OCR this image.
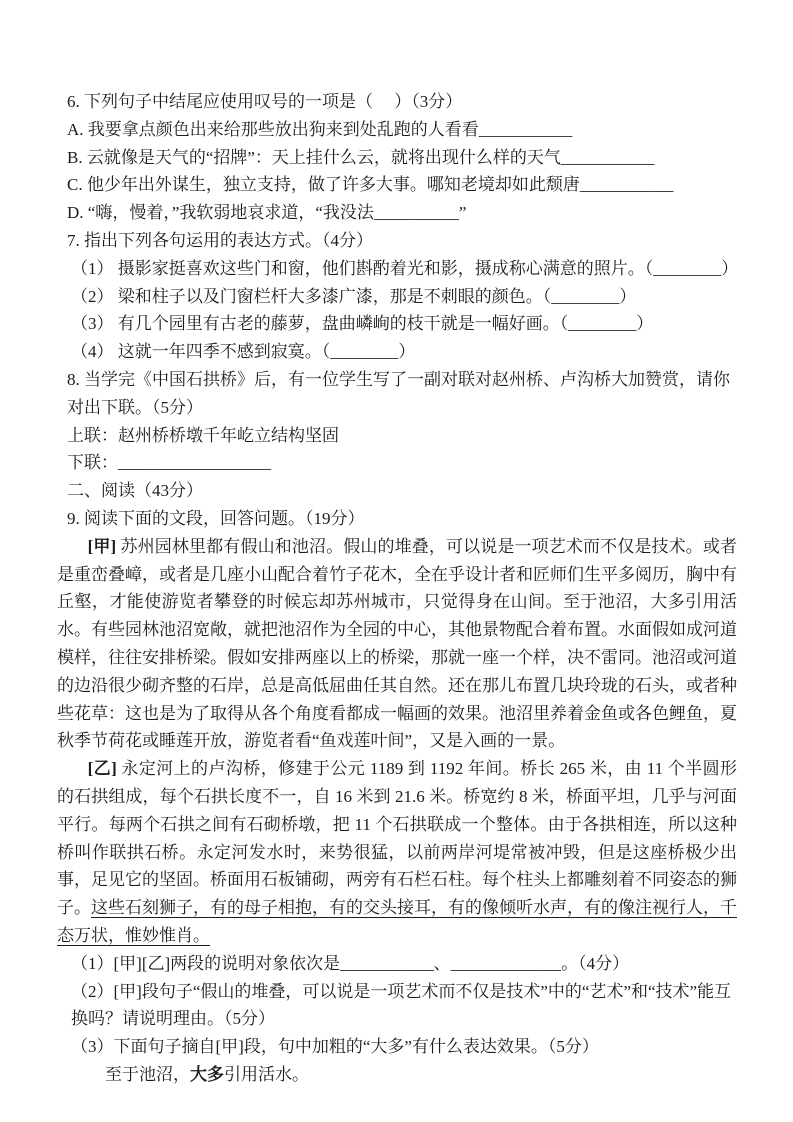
6. 下列句子中结尾应使用叹号的一项是（　 ）（3分）

A. 我要拿点颜色出来给那些放出狗来到处乱跑的人看看___________

B. 云就像是天气的“招牌”：天上挂什么云，就将出现什么样的天气___________

C. 他少年出外谋生，独立支持，做了许多大事。哪知老境却如此颓唐___________

D. “嗨，慢着，”我软弱地哀求道，“我没法__________”

7. 指出下列各句运用的表达方式。（4分）

（1） 摄影家挺喜欢这些门和窗，他们斟酌着光和影，摄成称心满意的照片。（________）

（2） 梁和柱子以及门窗栏杆大多漆广漆，那是不刺眼的颜色。（________）

（3） 有几个园里有古老的藤萝，盘曲嶙峋的枝干就是一幅好画。（________）

（4） 这就一年四季不感到寂寞。（________）

8. 当学完《中国石拱桥》后，有一位学生写了一副对联对赵州桥、卢沟桥大加赞赏，请你对出下联。（5分）

上联：赵州桥桥墩千年屹立结构坚固

下联：__________________

二、阅读（43分）

9. 阅读下面的文段，回答问题。（19分）

[甲] 苏州园林里都有假山和池沼。假山的堆叠，可以说是一项艺术而不仅是技术。或者是重峦叠嶂，或者是几座小山配合着竹子花木，全在乎设计者和匠师们生平多阅历，胸中有丘壑，才能使游览者攀登的时候忘却苏州城市，只觉得身在山间。至于池沼，大多引用活水。有些园林池沼宽敞，就把池沼作为全园的中心，其他景物配合着布置。水面假如成河道模样，往往安排桥梁。假如安排两座以上的桥梁，那就一座一个样，决不雷同。池沼或河道的边沿很少砌齐整的石岸，总是高低屈曲任其自然。还在那儿布置几块玲珑的石头，或者种些花草：这也是为了取得从各个角度看都成一幅画的效果。池沼里养着金鱼或各色鲤鱼，夏秋季节荷花或睡莲开放，游览者看“鱼戏莲叶间”，又是入画的一景。

[乙] 永定河上的卢沟桥，修建于公元 1189 到 1192 年间。桥长 265 米，由 11 个半圆形的石拱组成，每个石拱长度不一，自 16 米到 21.6 米。桥宽约 8 米，桥面平坦，几乎与河面平行。每两个石拱之间有石砌桥墩，把 11 个石拱联成一个整体。由于各拱相连，所以这种桥叫作联拱石桥。永定河发水时，来势很猛，以前两岸河堤常被冲毁，但是这座桥极少出事，足见它的坚固。桥面用石板铺砌，两旁有石栏石柱。每个柱头上都雕刻着不同姿态的狮子。这些石刻狮子，有的母子相抱，有的交头接耳，有的像倾听水声，有的像注视行人，千态万状，惟妙惟肖。

（1）[甲][乙]两段的说明对象依次是___________、_____________。（4分）

（2）[甲]段句子“假山的堆叠，可以说是一项艺术而不仅是技术”中的“艺术”和“技术”能互换吗？请说明理由。（5分）

（3）下面句子摘自[甲]段，句中加粗的“大多”有什么表达效果。（5分）

至于池沼，大多引用活水。
